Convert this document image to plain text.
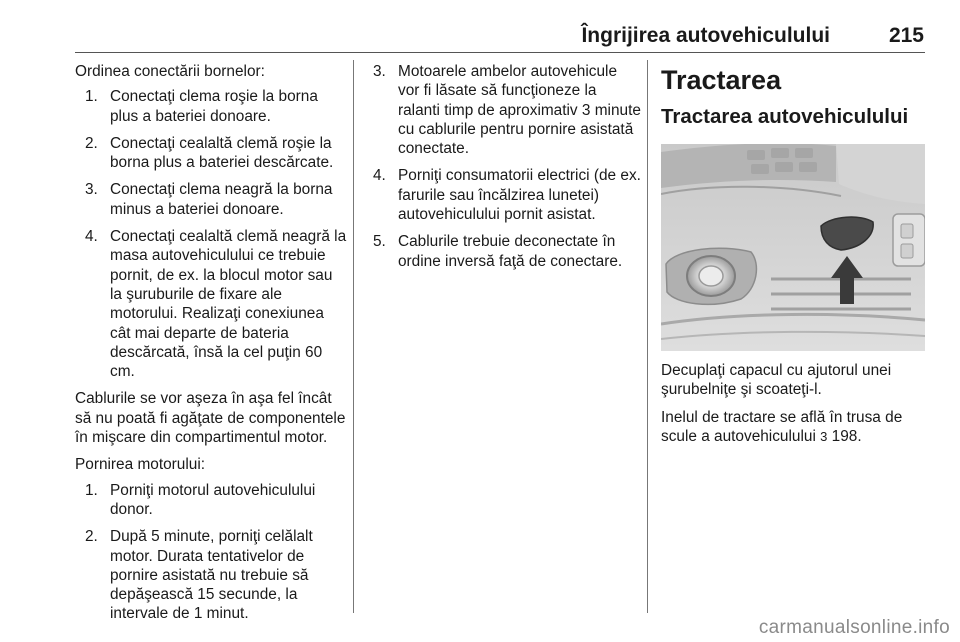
Îngrijirea autovehiculului	215

Ordinea conectării bornelor:

1. Conectaţi clema roşie la borna plus a bateriei donoare.
2. Conectaţi cealaltă clemă roşie la borna plus a bateriei descărcate.
3. Conectaţi clema neagră la borna minus a bateriei donoare.
4. Conectaţi cealaltă clemă neagră la masa autovehiculului ce trebuie pornit, de ex. la blocul motor sau la şuruburile de fixare ale motorului. Realizaţi conexiunea cât mai departe de bateria descărcată, însă la cel puţin 60 cm.

Cablurile se vor aşeza în aşa fel încât să nu poată fi agăţate de componentele în mişcare din compartimentul motor.

Pornirea motorului:

1. Porniţi motorul autovehiculului donor.
2. După 5 minute, porniţi celălalt motor. Durata tentativelor de pornire asistată nu trebuie să depăşească 15 secunde, la intervale de 1 minut.
3. Motoarele ambelor autovehicule vor fi lăsate să funcţioneze la ralanti timp de aproximativ 3 minute cu cablurile pentru pornire asistată conectate.
4. Porniţi consumatorii electrici (de ex. farurile sau încălzirea lunetei) autovehiculului pornit asistat.
5. Cablurile trebuie deconectate în ordine inversă faţă de conectare.
Tractarea
Tractarea autovehiculului

Decuplaţi capacul cu ajutorul unei şurubelniţe şi scoateţi-l.

Inelul de tractare se află în trusa de scule a autovehiculului 3 198.

carmanualsonline.info
